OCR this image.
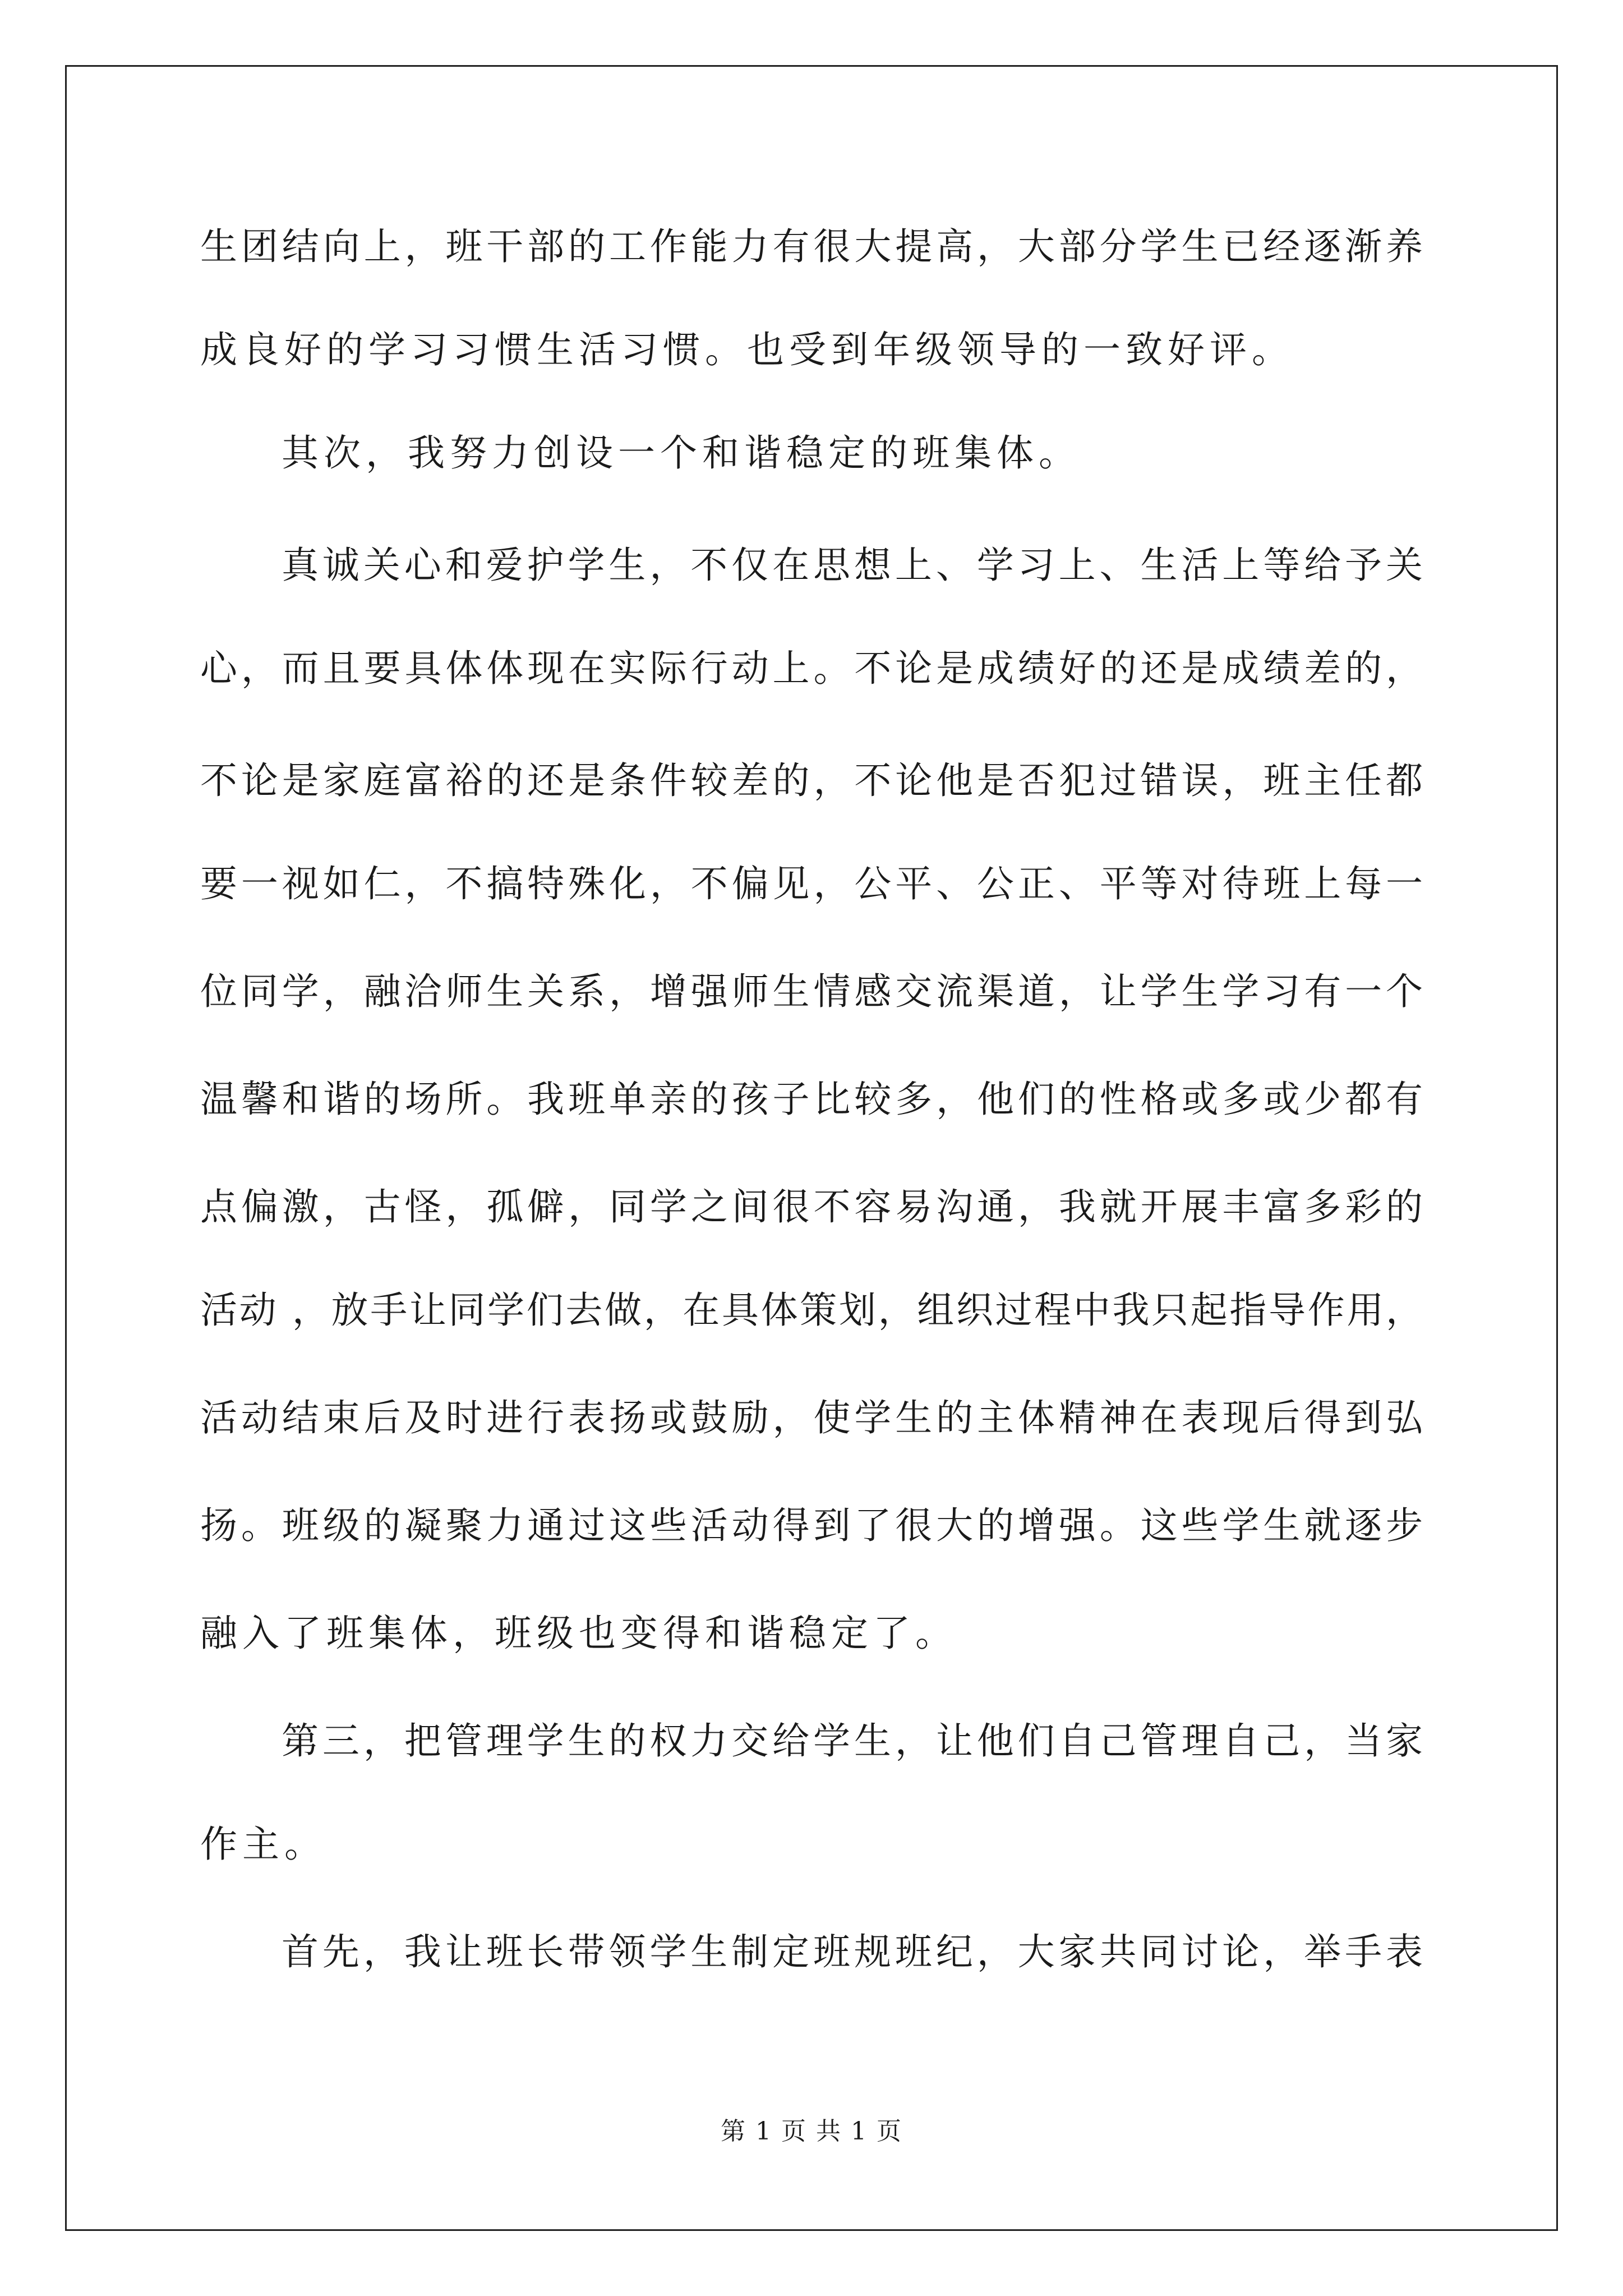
生团结向上，班干部的工作能力有很大提高，大部分学生已经逐渐养
成良好的学习习惯生活习惯。也受到年级领导的一致好评。
其次，我努力创设一个和谐稳定的班集体。
真诚关心和爱护学生，不仅在思想上、学习上、生活上等给予关
心，而且要具体体现在实际行动上。不论是成绩好的还是成绩差的，
不论是家庭富裕的还是条件较差的，不论他是否犯过错误，班主任都
要一视如仁，不搞特殊化，不偏见，公平、公正、平等对待班上每一
位同学，融洽师生关系，增强师生情感交流渠道，让学生学习有一个
温馨和谐的场所。我班单亲的孩子比较多，他们的性格或多或少都有
点偏激，古怪，孤僻，同学之间很不容易沟通，我就开展丰富多彩的
活动 ，放手让同学们去做，在具体策划，组织过程中我只起指导作用，
活动结束后及时进行表扬或鼓励，使学生的主体精神在表现后得到弘
扬。班级的凝聚力通过这些活动得到了很大的增强。这些学生就逐步
融入了班集体，班级也变得和谐稳定了。
第三，把管理学生的权力交给学生，让他们自己管理自己，当家
作主。
首先，我让班长带领学生制定班规班纪，大家共同讨论，举手表
第 1 页 共 1 页
